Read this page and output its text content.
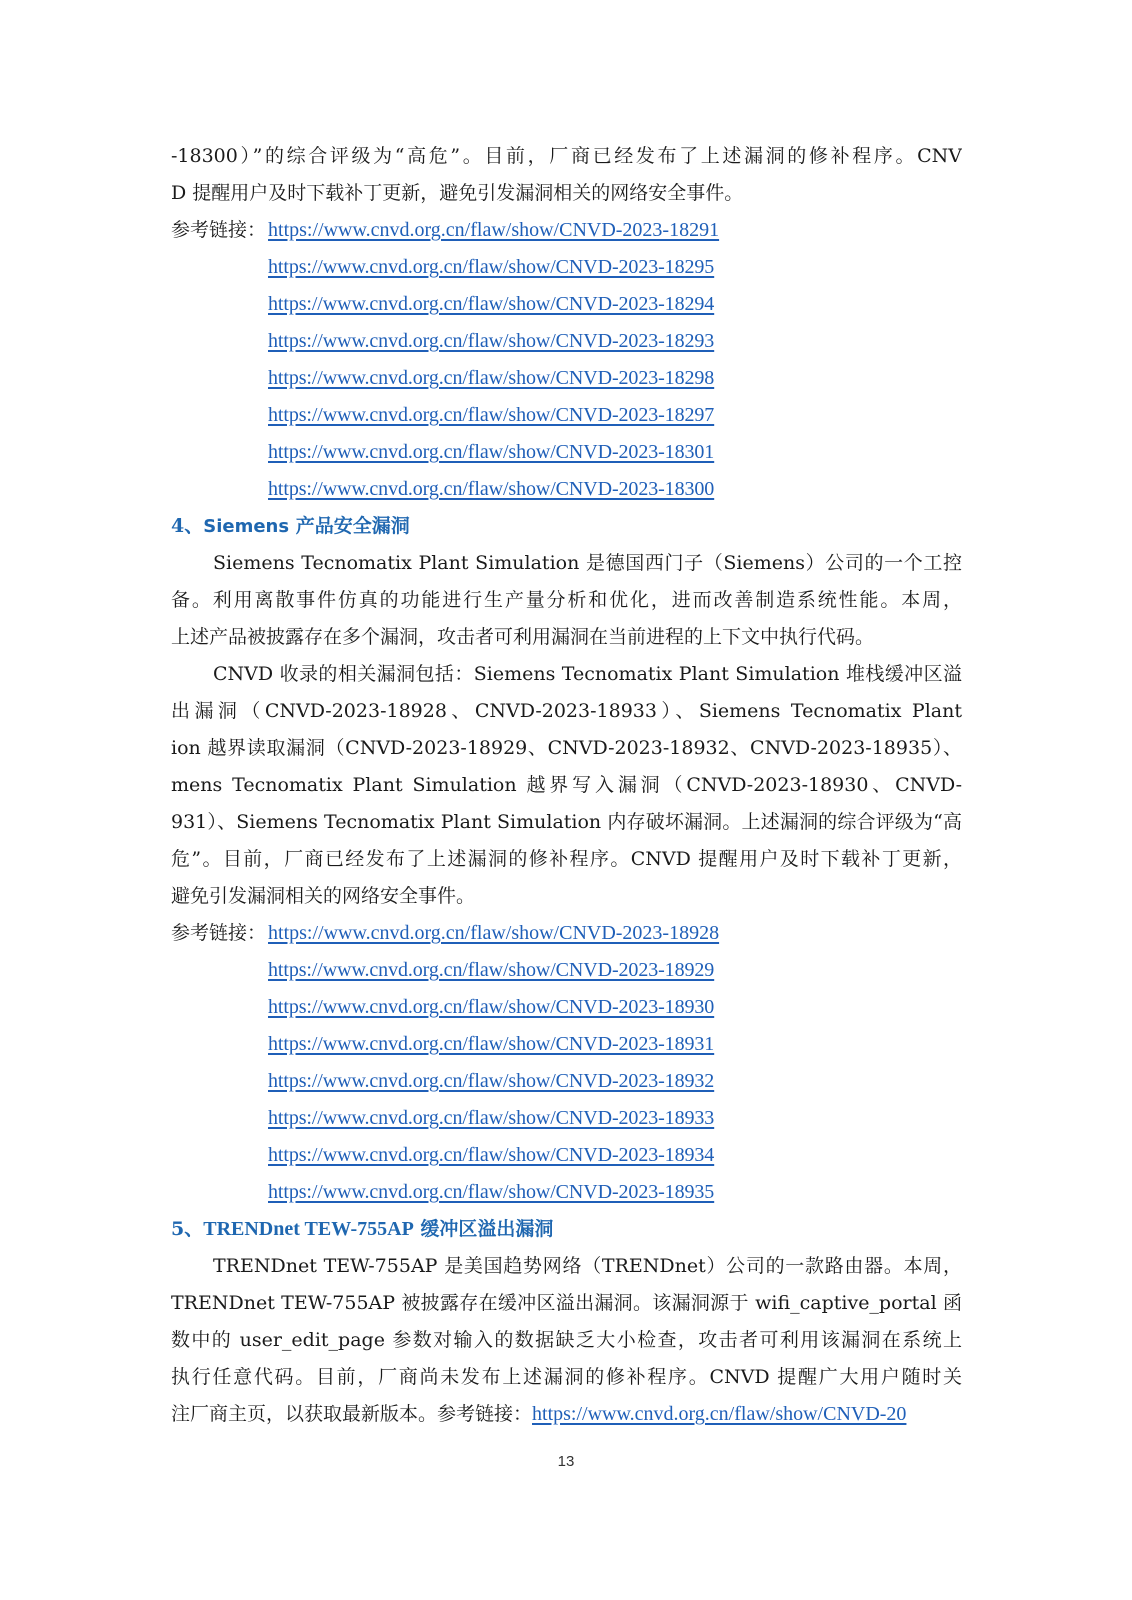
-18300）”的综合评级为“高危”。目前，厂商已经发布了上述漏洞的修补程序。CNV
D 提醒用户及时下载补丁更新，避免引发漏洞相关的网络安全事件。
参考链接： https://www.cnvd.org.cn/flaw/show/CNVD-2023-18291
https://www.cnvd.org.cn/flaw/show/CNVD-2023-18295
https://www.cnvd.org.cn/flaw/show/CNVD-2023-18294
https://www.cnvd.org.cn/flaw/show/CNVD-2023-18293
https://www.cnvd.org.cn/flaw/show/CNVD-2023-18298
https://www.cnvd.org.cn/flaw/show/CNVD-2023-18297
https://www.cnvd.org.cn/flaw/show/CNVD-2023-18301
https://www.cnvd.org.cn/flaw/show/CNVD-2023-18300
4、Siemens 产品安全漏洞
Siemens Tecnomatix Plant Simulation 是德国西门子（Siemens）公司的一个工控
备。利用离散事件仿真的功能进行生产量分析和优化，进而改善制造系统性能。本周，
上述产品被披露存在多个漏洞，攻击者可利用漏洞在当前进程的上下文中执行代码。
CNVD 收录的相关漏洞包括：Siemens Tecnomatix Plant Simulation 堆栈缓冲区溢
出漏洞（CNVD-2023-18928、CNVD-2023-18933）、Siemens Tecnomatix Plant
ion 越界读取漏洞（CNVD-2023-18929、CNVD-2023-18932、CNVD-2023-18935）、
mens Tecnomatix Plant Simulation 越界写入漏洞（CNVD-2023-18930、CNVD-
931）、Siemens Tecnomatix Plant Simulation 内存破坏漏洞。上述漏洞的综合评级为“高
危”。目前，厂商已经发布了上述漏洞的修补程序。CNVD 提醒用户及时下载补丁更新，
避免引发漏洞相关的网络安全事件。
参考链接： https://www.cnvd.org.cn/flaw/show/CNVD-2023-18928
https://www.cnvd.org.cn/flaw/show/CNVD-2023-18929
https://www.cnvd.org.cn/flaw/show/CNVD-2023-18930
https://www.cnvd.org.cn/flaw/show/CNVD-2023-18931
https://www.cnvd.org.cn/flaw/show/CNVD-2023-18932
https://www.cnvd.org.cn/flaw/show/CNVD-2023-18933
https://www.cnvd.org.cn/flaw/show/CNVD-2023-18934
https://www.cnvd.org.cn/flaw/show/CNVD-2023-18935
5、TRENDnet TEW-755AP 缓冲区溢出漏洞
TRENDnet TEW-755AP 是美国趋势网络（TRENDnet）公司的一款路由器。本周，
TRENDnet TEW-755AP 被披露存在缓冲区溢出漏洞。该漏洞源于 wifi_captive_portal 函
数中的 user_edit_page 参数对输入的数据缺乏大小检查，攻击者可利用该漏洞在系统上
执行任意代码。目前，厂商尚未发布上述漏洞的修补程序。CNVD 提醒广大用户随时关
注厂商主页，以获取最新版本。参考链接：https://www.cnvd.org.cn/flaw/show/CNVD-20
13
